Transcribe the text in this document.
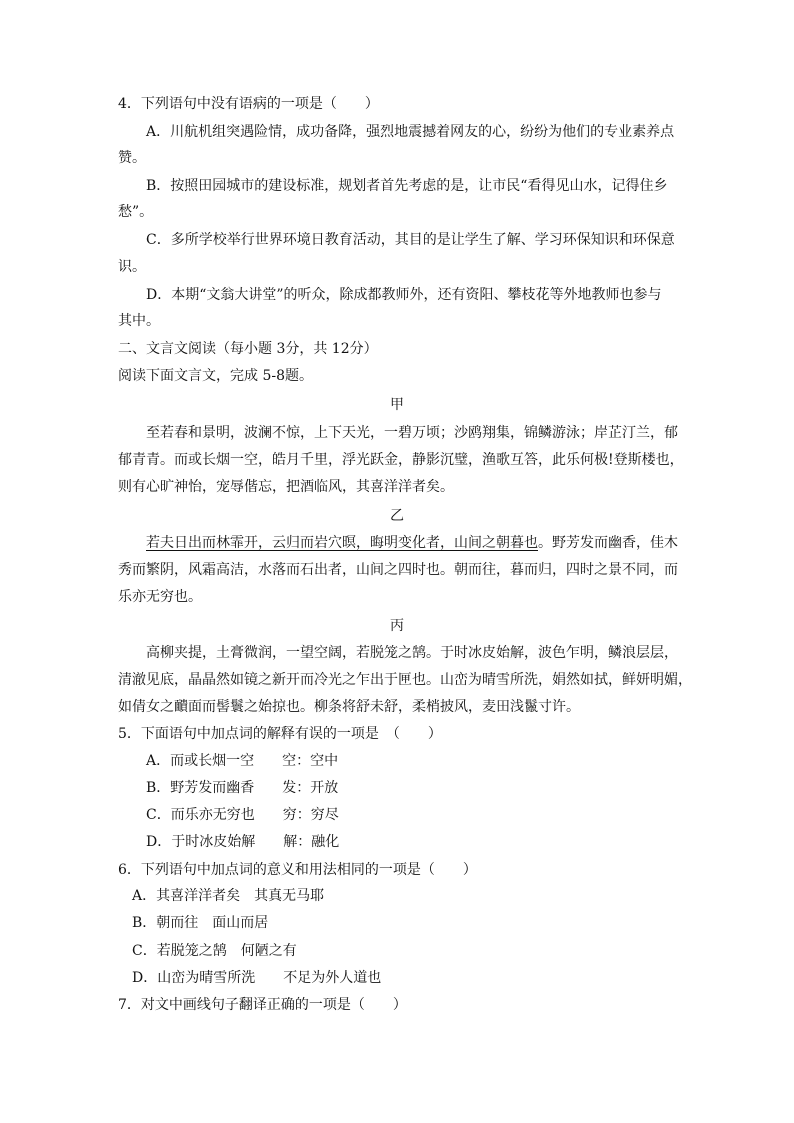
4．下列语句中没有语病的一项是（　　）
A．川航机组突遇险情，成功备降，强烈地震撼着网友的心，纷纷为他们的专业素养点
赞。
B．按照田园城市的建设标准，规划者首先考虑的是，让市民“看得见山水，记得住乡
愁”。
C．多所学校举行世界环境日教育活动，其目的是让学生了解、学习环保知识和环保意
识。
D．本期“文翁大讲堂”的听众，除成都教师外，还有资阳、攀枝花等外地教师也参与
其中。
二、文言文阅读（每小题 3分，共 12分）
阅读下面文言文，完成 5-8题。
甲
至若春和景明，波澜不惊，上下天光，一碧万顷；沙鸥翔集，锦鳞游泳；岸芷汀兰，郁
郁青青。而或长烟一空，皓月千里，浮光跃金，静影沉璧，渔歌互答，此乐何极!登斯楼也，
则有心旷神怡，宠辱偕忘，把酒临风，其喜洋洋者矣。
乙
若夫日出而林霏开，云归而岩穴暝，晦明变化者，山间之朝暮也。野芳发而幽香，佳木
秀而繁阴，风霜高洁，水落而石出者，山间之四时也。朝而往，暮而归，四时之景不同，而
乐亦无穷也。
丙
高柳夹提，土膏微润，一望空阔，若脱笼之鹄。于时冰皮始解，波色乍明，鳞浪层层，
清澈见底，晶晶然如镜之新开而冷光之乍出于匣也。山峦为晴雪所洗，娟然如拭，鲜妍明媚，
如倩女之靧面而髻鬟之始掠也。柳条将舒未舒，柔梢披风，麦田浅鬣寸许。
5．下面语句中加点词的解释有误的一项是　（　　）
A．而或长烟一空　　空：空中
B．野芳发而幽香　　发：开放
C．而乐亦无穷也　　穷：穷尽
D．于时冰皮始解　　解：融化
6．下列语句中加点词的意义和用法相同的一项是（　　）
A．其喜洋洋者矣　其真无马耶
B．朝而往　面山而居
C．若脱笼之鹄　何陋之有
D．山峦为晴雪所洗　　不足为外人道也
7．对文中画线句子翻译正确的一项是（　　）
